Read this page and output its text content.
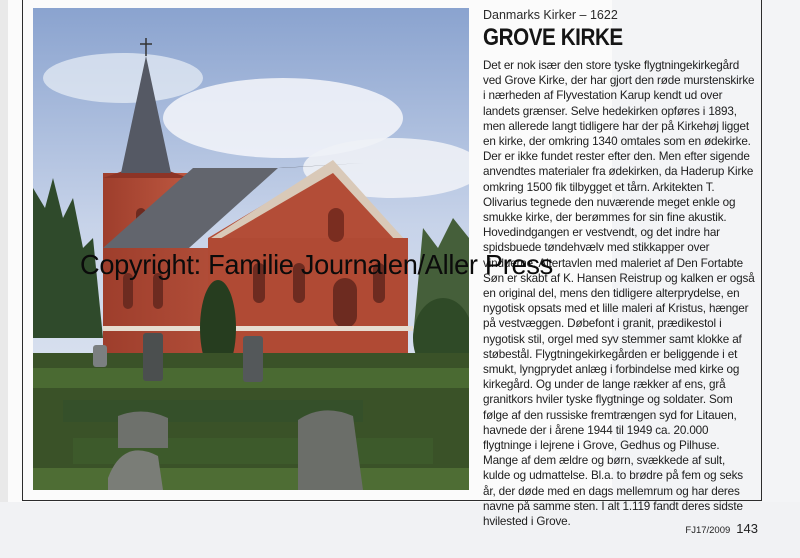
Danmarks Kirker – 1622
GROVE KIRKE
Det er nok især den store tyske flygtningekirkegård ved Grove Kirke, der har gjort den røde murstenskirke i nærheden af Flyvestation Karup kendt ud over landets grænser. Selve hedekirken opføres i 1893, men allerede langt tidligere har der på Kirkehøj ligget en kirke, der omkring 1340 omtales som en ødekirke. Der er ikke fundet rester efter den. Men efter sigende anvendtes materialer fra ødekirken, da Haderup Kirke omkring 1500 fik tilbygget et tårn. Arkitekten T. Olivarius tegnede den nuværende meget enkle og smukke kirke, der berømmes for sin fine akustik. Hovedindgangen er vestvendt, og det indre har spidsbuede tøndehvælv med stikkapper over vinduerne. Altertavlen med maleriet af Den Fortabte Søn er skabt af K. Hansen Reistrup og kalken er også en original del, mens den tidligere alterprydelse, en nygotisk opsats med et lille maleri af Kristus, hænger på vestvæggen. Døbefont i granit, prædikestol i nygotisk stil, orgel med syv stemmer samt klokke af støbestål. Flygtningekirkegården er beliggende i et smukt, lyngprydet anlæg i forbindelse med kirke og kirkegård. Og under de lange rækker af ens, grå granitkors hviler tyske flygtninge og soldater. Som følge af den russiske fremtrængen syd for Litauen, havnede der i årene 1944 til 1949 ca. 20.000 flygtninge i lejrene i Grove, Gedhus og Pilhuse. Mange af dem ældre og børn, svækkede af sult, kulde og udmattelse. Bl.a. to brødre på fem og seks år, der døde med en dags mellemrum og har deres navne på samme sten. I alt 1.119 fandt deres sidste hvilested i Grove.
Copyright: Familie Journalen/Aller Press
FJ17/2009 143
